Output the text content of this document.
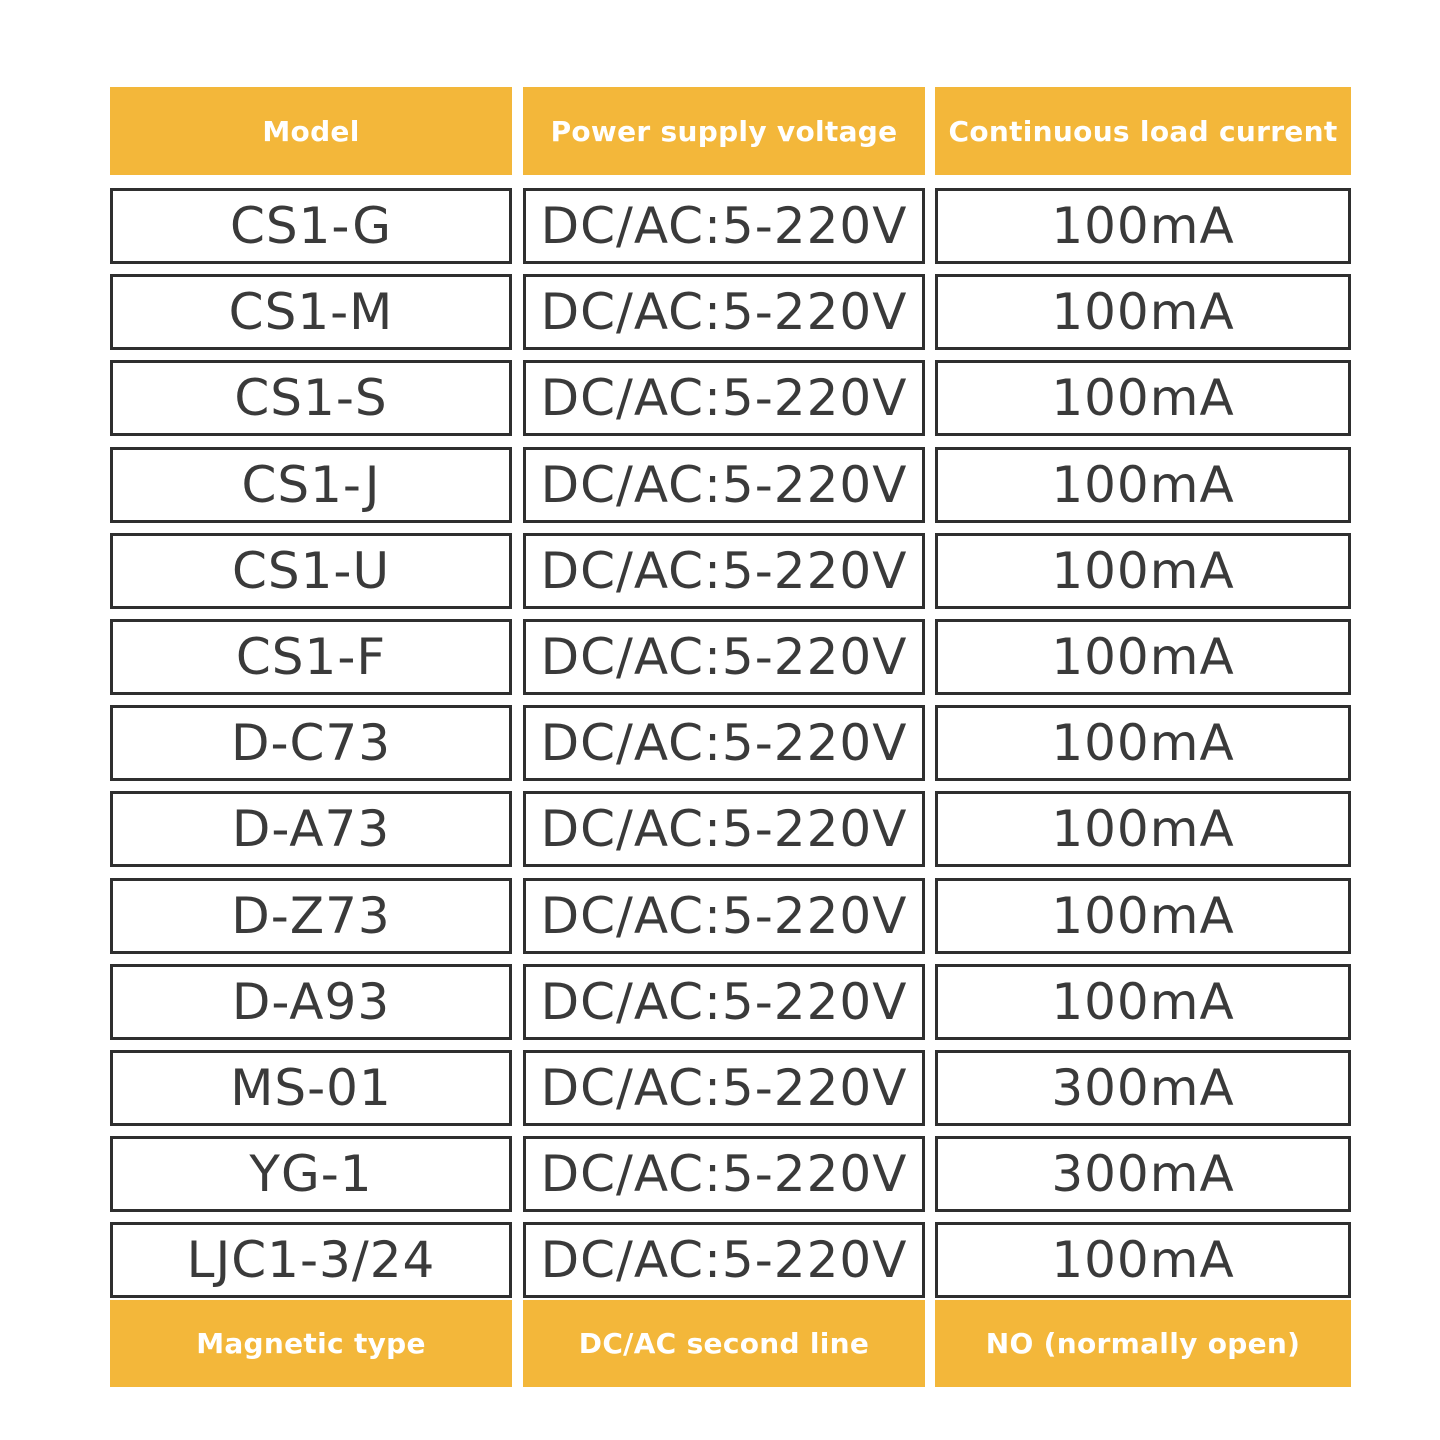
Model	Power supply voltage	Continuous load current
CS1-G	DC/AC:5-220V	100mA
CS1-M	DC/AC:5-220V	100mA
CS1-S	DC/AC:5-220V	100mA
CS1-J	DC/AC:5-220V	100mA
CS1-U	DC/AC:5-220V	100mA
CS1-F	DC/AC:5-220V	100mA
D-C73	DC/AC:5-220V	100mA
D-A73	DC/AC:5-220V	100mA
D-Z73	DC/AC:5-220V	100mA
D-A93	DC/AC:5-220V	100mA
MS-01	DC/AC:5-220V	300mA
YG-1	DC/AC:5-220V	300mA
LJC1-3/24	DC/AC:5-220V	100mA
Magnetic type	DC/AC second line	NO (normally open)
